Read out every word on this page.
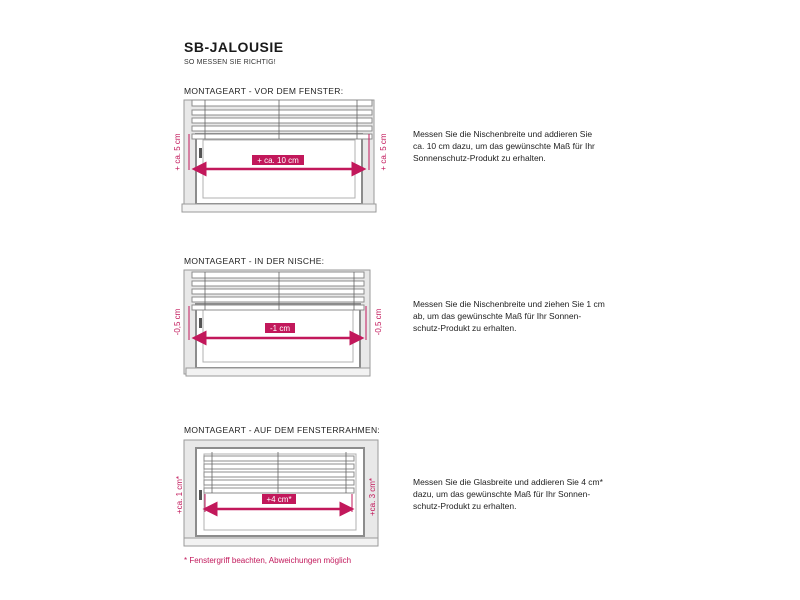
SB-JALOUSIE
SO MESSEN SIE RICHTIG!
MONTAGEART - VOR DEM FENSTER:
Messen Sie die Nischenbreite und addieren Sie
ca. 10 cm dazu, um das gewünschte Maß für Ihr
Sonnenschutz-Produkt zu erhalten.
MONTAGEART - IN DER NISCHE:
Messen Sie die Nischenbreite und ziehen Sie 1 cm
ab, um das gewünschte Maß für Ihr Sonnen-
schutz-Produkt zu erhalten.
MONTAGEART - AUF DEM FENSTERRAHMEN:
Messen Sie die Glasbreite und addieren Sie 4 cm*
dazu, um das gewünschte Maß für Ihr Sonnen-
schutz-Produkt zu erhalten.
* Fenstergriff beachten, Abweichungen möglich
+ ca. 10 cm
+ ca. 5 cm	+ ca. 5 cm
-1 cm
-0,5 cm	-0,5 cm
+4 cm*
+ca. 1 cm*	+ca. 3 cm*
